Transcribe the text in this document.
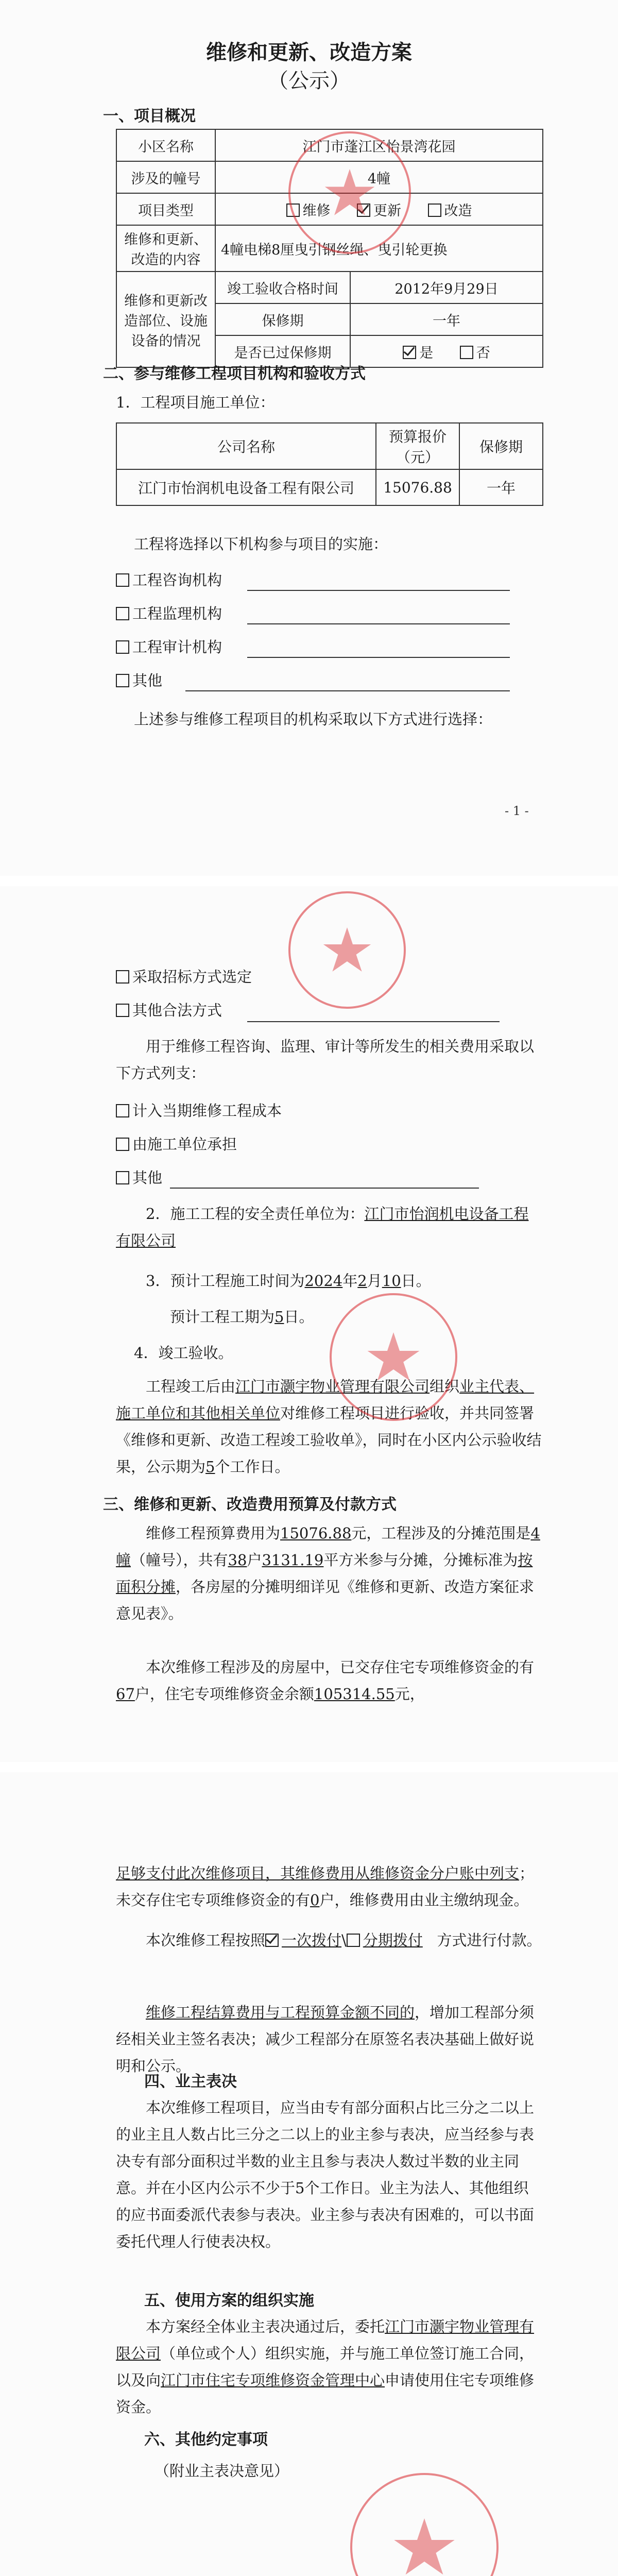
维修和更新、改造方案
（公示）
一、项目概况
小区名称	江门市蓬江区怡景湾花园	
涉及的幢号	4幢	
项目类型	维修 更新 改造	
维修和更新、改造的内容	4幢电梯8厘曳引钢丝绳、曳引轮更换	
维修和更新改造部位、设施设备的情况	竣工验收合格时间	2012年9月29日
	保修期	一年
	是否已过保修期	是 否
二、参与维修工程项目机构和验收方式
1．工程项目施工单位：
公司名称	预算报价（元）	保修期
江门市怡润机电设备工程有限公司	15076.88	一年
工程将选择以下机构参与项目的实施：
工程咨询机构
工程监理机构
工程审计机构
其他
上述参与维修工程项目的机构采取以下方式进行选择：
- 1 -
采取招标方式选定
其他合法方式
用于维修工程咨询、监理、审计等所发生的相关费用采取以下方式列支：
计入当期维修工程成本
由施工单位承担
其他
2．施工工程的安全责任单位为：江门市怡润机电设备工程有限公司
3．预计工程施工时间为2024年2月10日。
预计工程工期为5日。
4．竣工验收。
工程竣工后由江门市灏宇物业管理有限公司组织业主代表、施工单位和其他相关单位对维修工程项目进行验收，并共同签署《维修和更新、改造工程竣工验收单》，同时在小区内公示验收结果，公示期为5个工作日。
三、维修和更新、改造费用预算及付款方式
维修工程预算费用为15076.88元，工程涉及的分摊范围是4幢（幢号），共有38户3131.19平方米参与分摊，分摊标准为按面积分摊，各房屋的分摊明细详见《维修和更新、改造方案征求意见表》。
本次维修工程涉及的房屋中，已交存住宅专项维修资金的有67户，住宅专项维修资金余额105314.55元，
足够支付此次维修项目，其维修费用从维修资金分户账中列支；未交存住宅专项维修资金的有0户，维修费用由业主缴纳现金。
本次维修工程按照 一次拨付\ 分期拨付 方式进行付款。
维修工程结算费用与工程预算金额不同的，增加工程部分须经相关业主签名表决；减少工程部分在原签名表决基础上做好说明和公示。
四、业主表决
本次维修工程项目，应当由专有部分面积占比三分之二以上的业主且人数占比三分之二以上的业主参与表决，应当经参与表决专有部分面积过半数的业主且参与表决人数过半数的业主同意。并在小区内公示不少于5个工作日。业主为法人、其他组织的应书面委派代表参与表决。业主参与表决有困难的，可以书面委托代理人行使表决权。
五、使用方案的组织实施
本方案经全体业主表决通过后，委托江门市灏宇物业管理有限公司（单位或个人）组织实施，并与施工单位签订施工合同，以及向江门市住宅专项维修资金管理中心申请使用住宅专项维修资金。
六、其他约定事项
（附业主表决意见）
